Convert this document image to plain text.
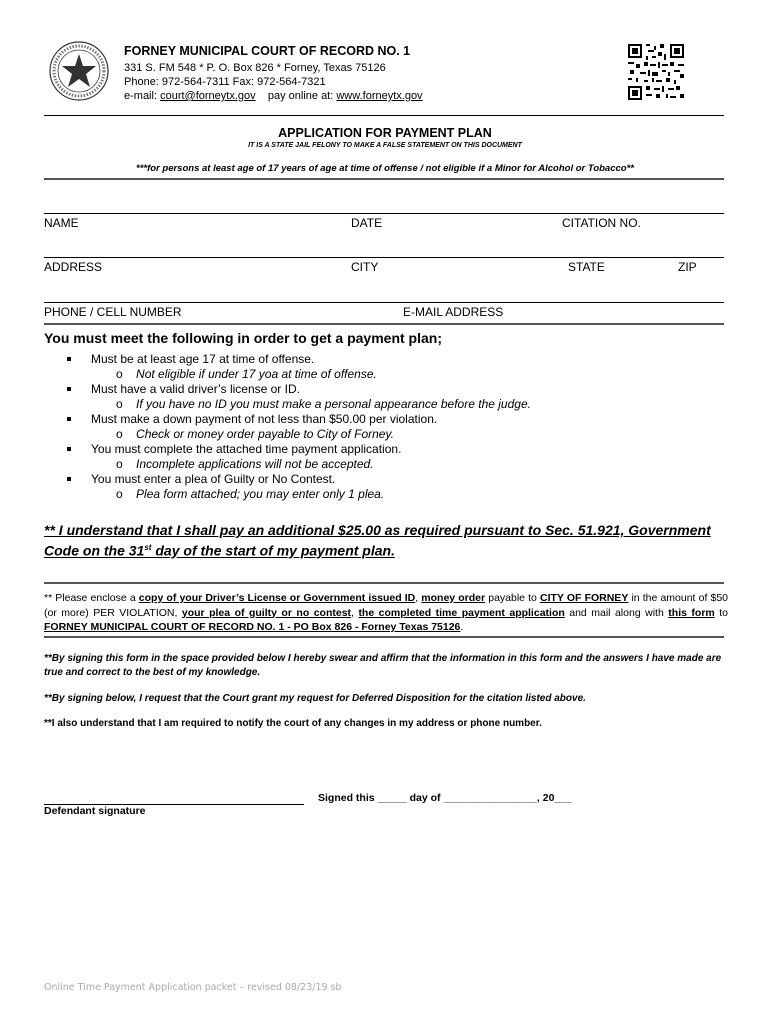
FORNEY MUNICIPAL COURT OF RECORD NO. 1
331 S. FM 548 * P. O. Box 826 * Forney, Texas 75126
Phone: 972-564-7311 Fax: 972-564-7321
e-mail: court@forneytx.gov pay online at: www.forneytx.gov
APPLICATION FOR PAYMENT PLAN
IT IS A STATE JAIL FELONY TO MAKE A FALSE STATEMENT ON THIS DOCUMENT
***for persons at least age of 17 years of age at time of offense / not eligible if a Minor for Alcohol or Tobacco**
NAME	DATE	CITATION NO.
ADDRESS	CITY	STATE	ZIP
PHONE / CELL NUMBER	E-MAIL ADDRESS
You must meet the following in order to get a payment plan;
Must be at least age 17 at time of offense.
o Not eligible if under 17 yoa at time of offense.
Must have a valid driver’s license or ID.
o If you have no ID you must make a personal appearance before the judge.
Must make a down payment of not less than $50.00 per violation.
o Check or money order payable to City of Forney.
You must complete the attached time payment application.
o Incomplete applications will not be accepted.
You must enter a plea of Guilty or No Contest.
o Plea form attached; you may enter only 1 plea.
** I understand that I shall pay an additional $25.00 as required pursuant to Sec. 51.921, Government Code on the 31st day of the start of my payment plan.
** Please enclose a copy of your Driver’s License or Government issued ID, money order payable to CITY OF FORNEY in the amount of $50 (or more) PER VIOLATION, your plea of guilty or no contest, the completed time payment application and mail along with this form to FORNEY MUNICIPAL COURT OF RECORD NO. 1 - PO Box 826 - Forney Texas 75126.
**By signing this form in the space provided below I hereby swear and affirm that the information in this form and the answers I have made are true and correct to the best of my knowledge.
**By signing below, I request that the Court grant my request for Deferred Disposition for the citation listed above.
**I also understand that I am required to notify the court of any changes in my address or phone number.
Defendant signature
Signed this _____ day of ________________, 20___
Online Time Payment Application packet – revised 08/23/19 sb
